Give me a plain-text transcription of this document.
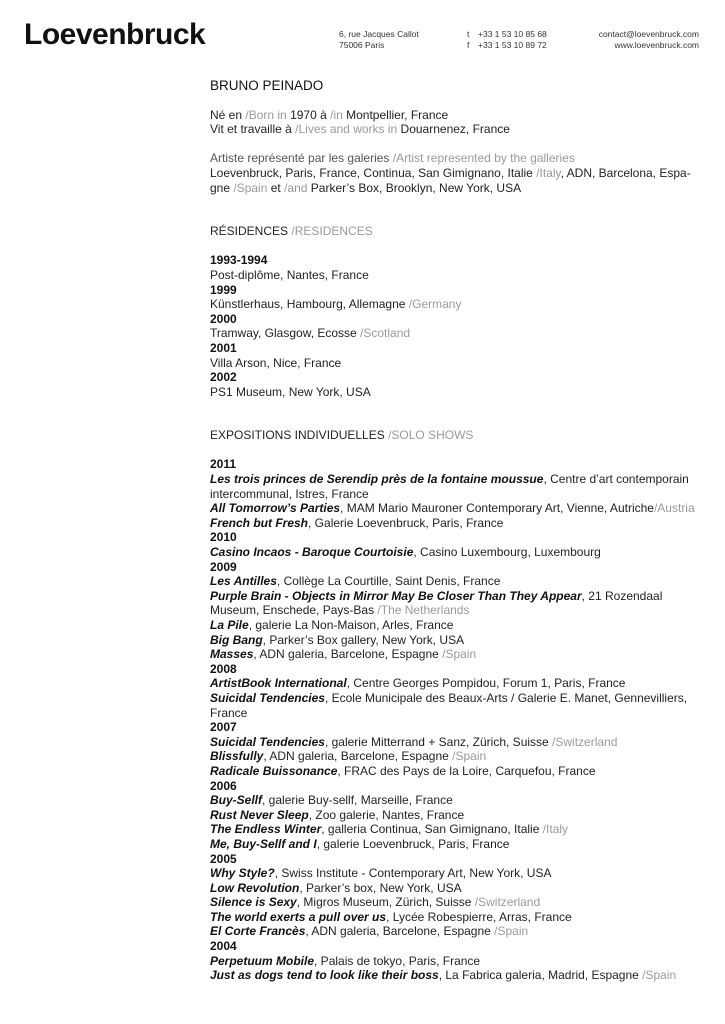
Loevenbruck	6, rue Jacques Callot
75006 Paris
t +33 1 53 10 85 68
f +33 1 53 10 89 72
contact@loevenbruck.com
www.loevenbruck.com
BRUNO PEINADO

Né en /Born in 1970 à /in Montpellier, France

Vit et travaille à /Lives and works in Douarnenez, France

Artiste représenté par les galeries /Artist represented by the galleries

Loevenbruck, Paris, France, Continua, San Gimignano, Italie /Italy, ADN, Barcelona, Espa-
gne /Spain et /and Parker’s Box, Brooklyn, New York, USA

RÉSIDENCES /RESIDENCES

1993-1994
Post-diplôme, Nantes, France
1999
Künstlerhaus, Hambourg, Allemagne /Germany
2000
Tramway, Glasgow, Ecosse /Scotland
2001
Villa Arson, Nice, France
2002
PS1 Museum, New York, USA

EXPOSITIONS INDIVIDUELLES /SOLO SHOWS

2011
Les trois princes de Serendip près de la fontaine moussue, Centre d’art contemporain intercommunal, Istres, France
All Tomorrow’s Parties, MAM Mario Mauroner Contemporary Art, Vienne, Autriche/Austria
French but Fresh, Galerie Loevenbruck, Paris, France
2010
Casino Incaos - Baroque Courtoisie, Casino Luxembourg, Luxembourg
2009
Les Antilles, Collège La Courtille, Saint Denis, France
Purple Brain - Objects in Mirror May Be Closer Than They Appear, 21 Rozendaal Museum, Enschede, Pays-Bas /The Netherlands
La Pile, galerie La Non-Maison, Arles, France
Big Bang, Parker’s Box gallery, New York, USA
Masses, ADN galeria, Barcelone, Espagne /Spain
2008
ArtistBook International, Centre Georges Pompidou, Forum 1, Paris, France
Suicidal Tendencies, Ecole Municipale des Beaux-Arts / Galerie E. Manet, Gennevilliers, France
2007
Suicidal Tendencies, galerie Mitterrand + Sanz, Zürich, Suisse /Switzerland
Blissfully, ADN galeria, Barcelone, Espagne /Spain
Radicale Buissonance, FRAC des Pays de la Loire, Carquefou, France
2006
Buy-Sellf, galerie Buy-sellf, Marseille, France
Rust Never Sleep, Zoo galerie, Nantes, France
The Endless Winter, galleria Continua, San Gimignano, Italie /Italy
Me, Buy-Sellf and I, galerie Loevenbruck, Paris, France
2005
Why Style?, Swiss Institute - Contemporary Art, New York, USA
Low Revolution, Parker’s box, New York, USA
Silence is Sexy, Migros Museum, Zürich, Suisse /Switzerland
The world exerts a pull over us, Lycée Robespierre, Arras, France
El Corte Francès, ADN galeria, Barcelone, Espagne /Spain
2004
Perpetuum Mobile, Palais de tokyo, Paris, France
Just as dogs tend to look like their boss, La Fabrica galeria, Madrid, Espagne /Spain
